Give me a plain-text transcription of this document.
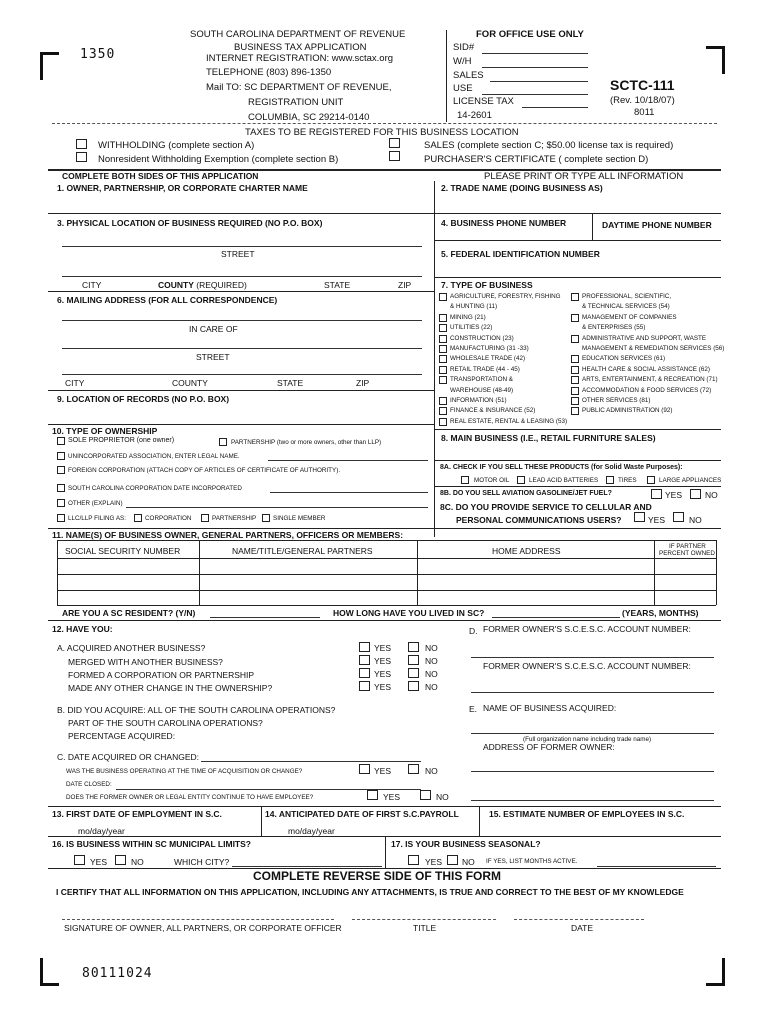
1350
80111024
SOUTH CAROLINA DEPARTMENT OF REVENUE
BUSINESS TAX APPLICATION
INTERNET REGISTRATION: www.sctax.org
TELEPHONE (803) 896-1350
Mail TO: SC DEPARTMENT OF REVENUE,
REGISTRATION UNIT
COLUMBIA, SC 29214-0140
FOR OFFICE USE ONLY
SID#
W/H
SALES
USE
LICENSE TAX
14-2601
SCTC-111
(Rev. 10/18/07)
8011
TAXES TO BE REGISTERED FOR THIS BUSINESS LOCATION
WITHHOLDING (complete section A)
Nonresident Withholding Exemption (complete section B)
SALES (complete section C; $50.00 license tax is required)
PURCHASER'S CERTIFICATE ( complete section D)
COMPLETE BOTH SIDES OF THIS APPLICATION	PLEASE PRINT OR TYPE ALL INFORMATION
1. OWNER, PARTNERSHIP, OR CORPORATE CHARTER NAME	2. TRADE NAME (DOING BUSINESS AS)
3. PHYSICAL LOCATION OF BUSINESS REQUIRED (NO P.O. BOX)	4. BUSINESS PHONE NUMBER	DAYTIME PHONE NUMBER
STREET	5. FEDERAL IDENTIFICATION NUMBER
CITY	COUNTY (REQUIRED)	STATE	ZIP
6. MAILING ADDRESS (FOR ALL CORRESPONDENCE)
IN CARE OF
STREET
CITY	COUNTY	STATE	ZIP
9. LOCATION OF RECORDS (NO P.O. BOX)
7. TYPE OF BUSINESS
AGRICULTURE, FORESTRY, FISHING
& HUNTING (11)
MINING (21)
UTILITIES (22)
CONSTRUCTION (23)
MANUFACTURING (31 -33)
WHOLESALE TRADE (42)
RETAIL TRADE (44 - 45)
TRANSPORTATION &
WAREHOUSE (48-49)
INFORMATION (51)
FINANCE & INSURANCE (52)
REAL ESTATE, RENTAL & LEASING (53)
PROFESSIONAL, SCIENTIFIC,
& TECHNICAL SERVICES (54)
MANAGEMENT OF COMPANIES
& ENTERPRISES (55)
ADMINISTRATIVE AND SUPPORT, WASTE
MANAGEMENT & REMEDIATION SERVICES (56)
EDUCATION SERVICES (61)
HEALTH CARE & SOCIAL ASSISTANCE (62)
ARTS, ENTERTAINMENT, & RECREATION (71)
ACCOMMODATION & FOOD SERVICES (72)
OTHER SERVICES (81)
PUBLIC ADMINISTRATION (92)
10. TYPE OF OWNERSHIP
SOLE PROPRIETOR (one owner)	PARTNERSHIP (two or more owners, other than LLP)
UNINCORPORATED ASSOCIATION, ENTER LEGAL NAME.
FOREIGN CORPORATION (ATTACH COPY OF ARTICLES OF CERTIFICATE OF AUTHORITY).
SOUTH CAROLINA CORPORATION DATE INCORPORATED
OTHER (EXPLAIN)
LLC/LLP FILING AS:	CORPORATION	PARTNERSHIP	SINGLE MEMBER
8. MAIN BUSINESS (I.E., RETAIL FURNITURE SALES)
8A. CHECK IF YOU SELL THESE PRODUCTS (for Solid Waste Purposes):
MOTOR OIL	LEAD ACID BATTERIES	TIRES	LARGE APPLIANCES
8B. DO YOU SELL AVIATION GASOLINE/JET FUEL?	YES	NO
8C. DO YOU PROVIDE SERVICE TO CELLULAR AND
PERSONAL COMMUNICATIONS USERS?	YES	NO
11. NAME(S) OF BUSINESS OWNER, GENERAL PARTNERS, OFFICERS OR MEMBERS:
SOCIAL SECURITY NUMBER	NAME/TITLE/GENERAL PARTNERS	HOME ADDRESS	IF PARTNER
PERCENT OWNED
ARE YOU A SC RESIDENT? (Y/N)	HOW LONG HAVE YOU LIVED IN SC?	(YEARS, MONTHS)
12. HAVE YOU:	D. FORMER OWNER'S S.C.E.S.C. ACCOUNT NUMBER:
A. ACQUIRED ANOTHER BUSINESS?
MERGED WITH ANOTHER BUSINESS?
FORMED A CORPORATION OR PARTNERSHIP
MADE ANY OTHER CHANGE IN THE OWNERSHIP?
YES	NO
YES	NO
YES	NO
YES	NO
FORMER OWNER'S S.C.E.S.C. ACCOUNT NUMBER:
E. NAME OF BUSINESS ACQUIRED:
(Full organization name including trade name)
ADDRESS OF FORMER OWNER:
B. DID YOU ACQUIRE: ALL OF THE SOUTH CAROLINA OPERATIONS?
PART OF THE SOUTH CAROLINA OPERATIONS?
PERCENTAGE ACQUIRED:
C. DATE ACQUIRED OR CHANGED:
WAS THE BUSINESS OPERATING AT THE TIME OF ACQUISITION OR CHANGE?	YES	NO
DATE CLOSED:
DOES THE FORMER OWNER OR LEGAL ENTITY CONTINUE TO HAVE EMPLOYEE?	YES	NO
13. FIRST DATE OF EMPLOYMENT IN S.C.	14. ANTICIPATED DATE OF FIRST S.C.PAYROLL	15. ESTIMATE NUMBER OF EMPLOYEES IN S.C.
mo/day/year	mo/day/year
16. IS BUSINESS WITHIN SC MUNICIPAL LIMITS?	17. IS YOUR BUSINESS SEASONAL?
YES	NO	WHICH CITY?	YES NO IF YES, LIST MONTHS ACTIVE.
COMPLETE REVERSE SIDE OF THIS FORM
I CERTIFY THAT ALL INFORMATION ON THIS APPLICATION, INCLUDING ANY ATTACHMENTS, IS TRUE AND CORRECT TO THE BEST OF MY KNOWLEDGE
SIGNATURE OF OWNER, ALL PARTNERS, OR CORPORATE OFFICER	TITLE	DATE
